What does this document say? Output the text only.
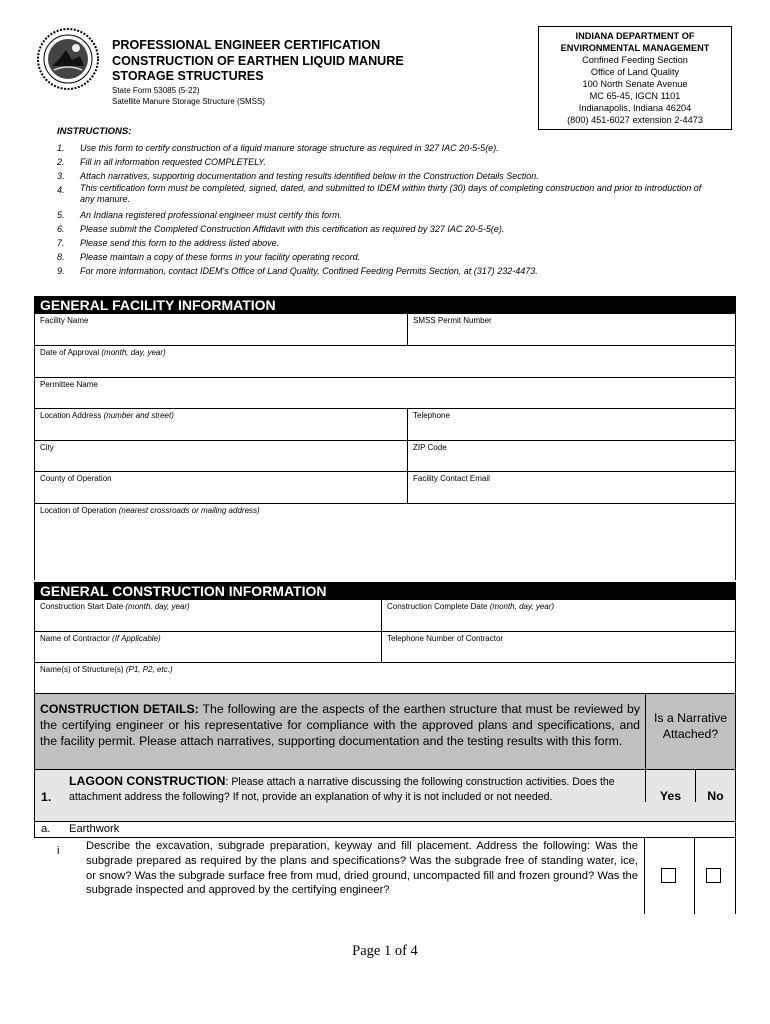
PROFESSIONAL ENGINEER CERTIFICATION
CONSTRUCTION OF EARTHEN LIQUID MANURE
STORAGE STRUCTURES
State Form 53085 (5-22)
Satellite Manure Storage Structure (SMSS)
INDIANA DEPARTMENT OF
ENVIRONMENTAL MANAGEMENT
Confined Feeding Section
Office of Land Quality
100 North Senate Avenue
MC 65-45, IGCN 1101
Indianapolis, Indiana 46204
(800) 451-6027 extension 2-4473
INSTRUCTIONS:
1.	Use this form to certify construction of a liquid manure storage structure as required in 327 IAC 20-5-5(e).
2.	Fill in all information requested COMPLETELY.
3.	Attach narratives, supporting documentation and testing results identified below in the Construction Details Section.
4.	This certification form must be completed, signed, dated, and submitted to IDEM within thirty (30) days of completing construction and prior to introduction of any manure.
5.	An Indiana registered professional engineer must certify this form.
6.	Please submit the Completed Construction Affidavit with this certification as required by 327 IAC 20-5-5(e).
7.	Please send this form to the address listed above.
8.	Please maintain a copy of these forms in your facility operating record.
9.	For more information, contact IDEM's Office of Land Quality, Confined Feeding Permits Section, at (317) 232-4473.
GENERAL FACILITY INFORMATION
Facility Name	SMSS Permit Number
Date of Approval (month, day, year)
Permittee Name
Location Address (number and street)	Telephone
City	ZIP Code
County of Operation	Facility Contact Email
Location of Operation (nearest crossroads or mailing address)
GENERAL CONSTRUCTION INFORMATION
Construction Start Date (month, day, year)	Construction Complete Date (month, day, year)
Name of Contractor (If Applicable)	Telephone Number of Contractor
Name(s) of Structure(s) (P1, P2, etc.)
CONSTRUCTION DETAILS: The following are the aspects of the earthen structure that must be reviewed by the certifying engineer or his representative for compliance with the approved plans and specifications, and the facility permit. Please attach narratives, supporting documentation and the testing results with this form.
Is a Narrative Attached?
1.
LAGOON CONSTRUCTION: Please attach a narrative discussing the following construction activities. Does the attachment address the following? If not, provide an explanation of why it is not included or not needed.	Yes	No
a. Earthwork
i Describe the excavation, subgrade preparation, keyway and fill placement. Address the following: Was the subgrade prepared as required by the plans and specifications? Was the subgrade free of standing water, ice, or snow? Was the subgrade surface free from mud, dried ground, uncompacted fill and frozen ground? Was the subgrade inspected and approved by the certifying engineer?
Page 1 of 4
